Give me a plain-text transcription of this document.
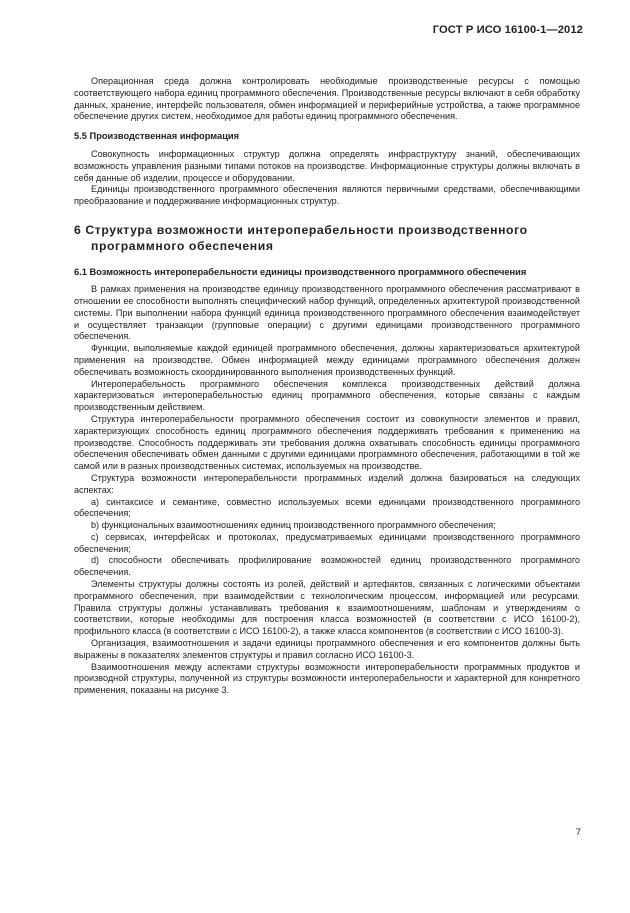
ГОСТ Р ИСО 16100-1—2012

Операционная среда должна контролировать необходимые производственные ресурсы с помощью соответствующего набора единиц программного обеспечения. Производственные ресурсы включают в себя обработку данных, хранение, интерфейс пользователя, обмен информацией и периферийные устройства, а также программное обеспечение других систем, необходимое для работы единиц программного обеспечения.

5.5 Производственная информация

Совокупность информационных структур должна определять инфраструктуру знаний, обеспечивающих возможность управления разными типами потоков на производстве. Информационные структуры должны включать в себя данные об изделии, процессе и оборудовании.

Единицы производственного программного обеспечения являются первичными средствами, обеспечивающими преобразование и поддерживание информационных структур.

6 Структура возможности интероперабельности производственного программного обеспечения

6.1 Возможность интероперабельности единицы производственного программного обеспечения

В рамках применения на производстве единицу производственного программного обеспечения рассматривают в отношении ее способности выполнять специфический набор функций, определенных архитектурой производственной системы. При выполнении набора функций единица производственного программного обеспечения взаимодействует и осуществляет транзакции (групповые операции) с другими единицами производственного программного обеспечения.

Функции, выполняемые каждой единицей программного обеспечения, должны характеризоваться архитектурой применения на производстве. Обмен информацией между единицами программного обеспечения должен обеспечивать возможность скоординированного выполнения производственных функций.

Интероперабельность программного обеспечения комплекса производственных действий должна характеризоваться интероперабельностью единиц программного обеспечения, которые связаны с каждым производственным действием.

Структура интероперабельности программного обеспечения состоит из совокупности элементов и правил, характеризующих способность единиц программного обеспечения поддерживать требования к применению на производстве. Способность поддерживать эти требования должна охватывать способность единицы программного обеспечения обеспечивать обмен данными с другими единицами программного обеспечения, работающими в той же самой или в разных производственных системах, используемых на производстве.

Структура возможности интероперабельности программных изделий должна базироваться на следующих аспектах:

a) синтаксисе и семантике, совместно используемых всеми единицами производственного программного обеспечения;

b) функциональных взаимоотношениях единиц производственного программного обеспечения;

c) сервисах, интерфейсах и протоколах, предусматриваемых единицами производственного программного обеспечения;

d) способности обеспечивать профилирование возможностей единиц производственного программного обеспечения.

Элементы структуры должны состоять из ролей, действий и артефактов, связанных с логическими объектами программного обеспечения, при взаимодействии с технологическим процессом, информацией или ресурсами. Правила структуры должны устанавливать требования к взаимоотношениям, шаблонам и утверждениям о соответствии, которые необходимы для построения класса возможностей (в соответствии с ИСО 16100-2), профильного класса (в соответствии с ИСО 16100-2), а также класса компонентов (в соответствии с ИСО 16100-3).

Организация, взаимоотношения и задачи единицы программного обеспечения и его компонентов должны быть выражены в показателях элементов структуры и правил согласно ИСО 16100-3.

Взаимоотношения между аспектами структуры возможности интероперабельности программных продуктов и производной структуры, полученной из структуры возможности интероперабельности и характерной для конкретного применения, показаны на рисунке 3.

7
